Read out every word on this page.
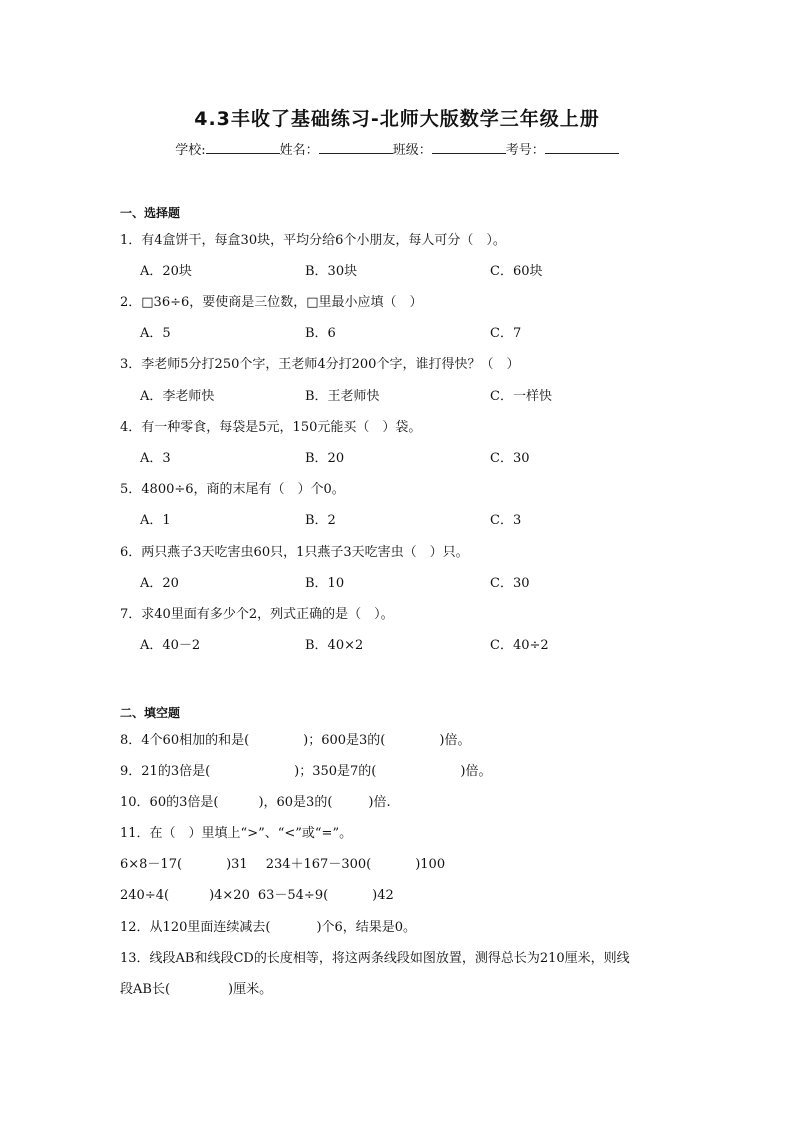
4.3丰收了基础练习-北师大版数学三年级上册
学校:	姓名：	班级：	考号：
一、选择题
1．有4盒饼干，每盒30块，平均分给6个小朋友，每人可分（　）。
A．20块	B．30块	C．60块
2．□36÷6，要使商是三位数，□里最小应填（　）
A．5	B．6	C．7
3．李老师5分打250个字，王老师4分打200个字，谁打得快？（　）
A．李老师快	B．王老师快	C．一样快
4．有一种零食，每袋是5元，150元能买（　）袋。
A．3	B．20	C．30
5．4800÷6，商的末尾有（　）个0。
A．1	B．2	C．3
6．两只燕子3天吃害虫60只，1只燕子3天吃害虫（　）只。
A．20	B．10	C．30
7．求40里面有多少个2，列式正确的是（　）。
A．40－2	B．40×2	C．40÷2
二、填空题
8．4个60相加的和是(	)；600是3的(	)倍。
9．21的3倍是(	)；350是7的(	)倍。
10．60的3倍是(	)，60是3的(	)倍.
11．在（　）里填上“>”、“<”或“=”。
6×8－17(	)31 234＋167－300(	)100
240÷4(	)4×20 63－54÷9(	)42
12．从120里面连续减去(	)个6，结果是0。
13．线段AB和线段CD的长度相等，将这两条线段如图放置，测得总长为210厘米，则线
段AB长(	)厘米。
